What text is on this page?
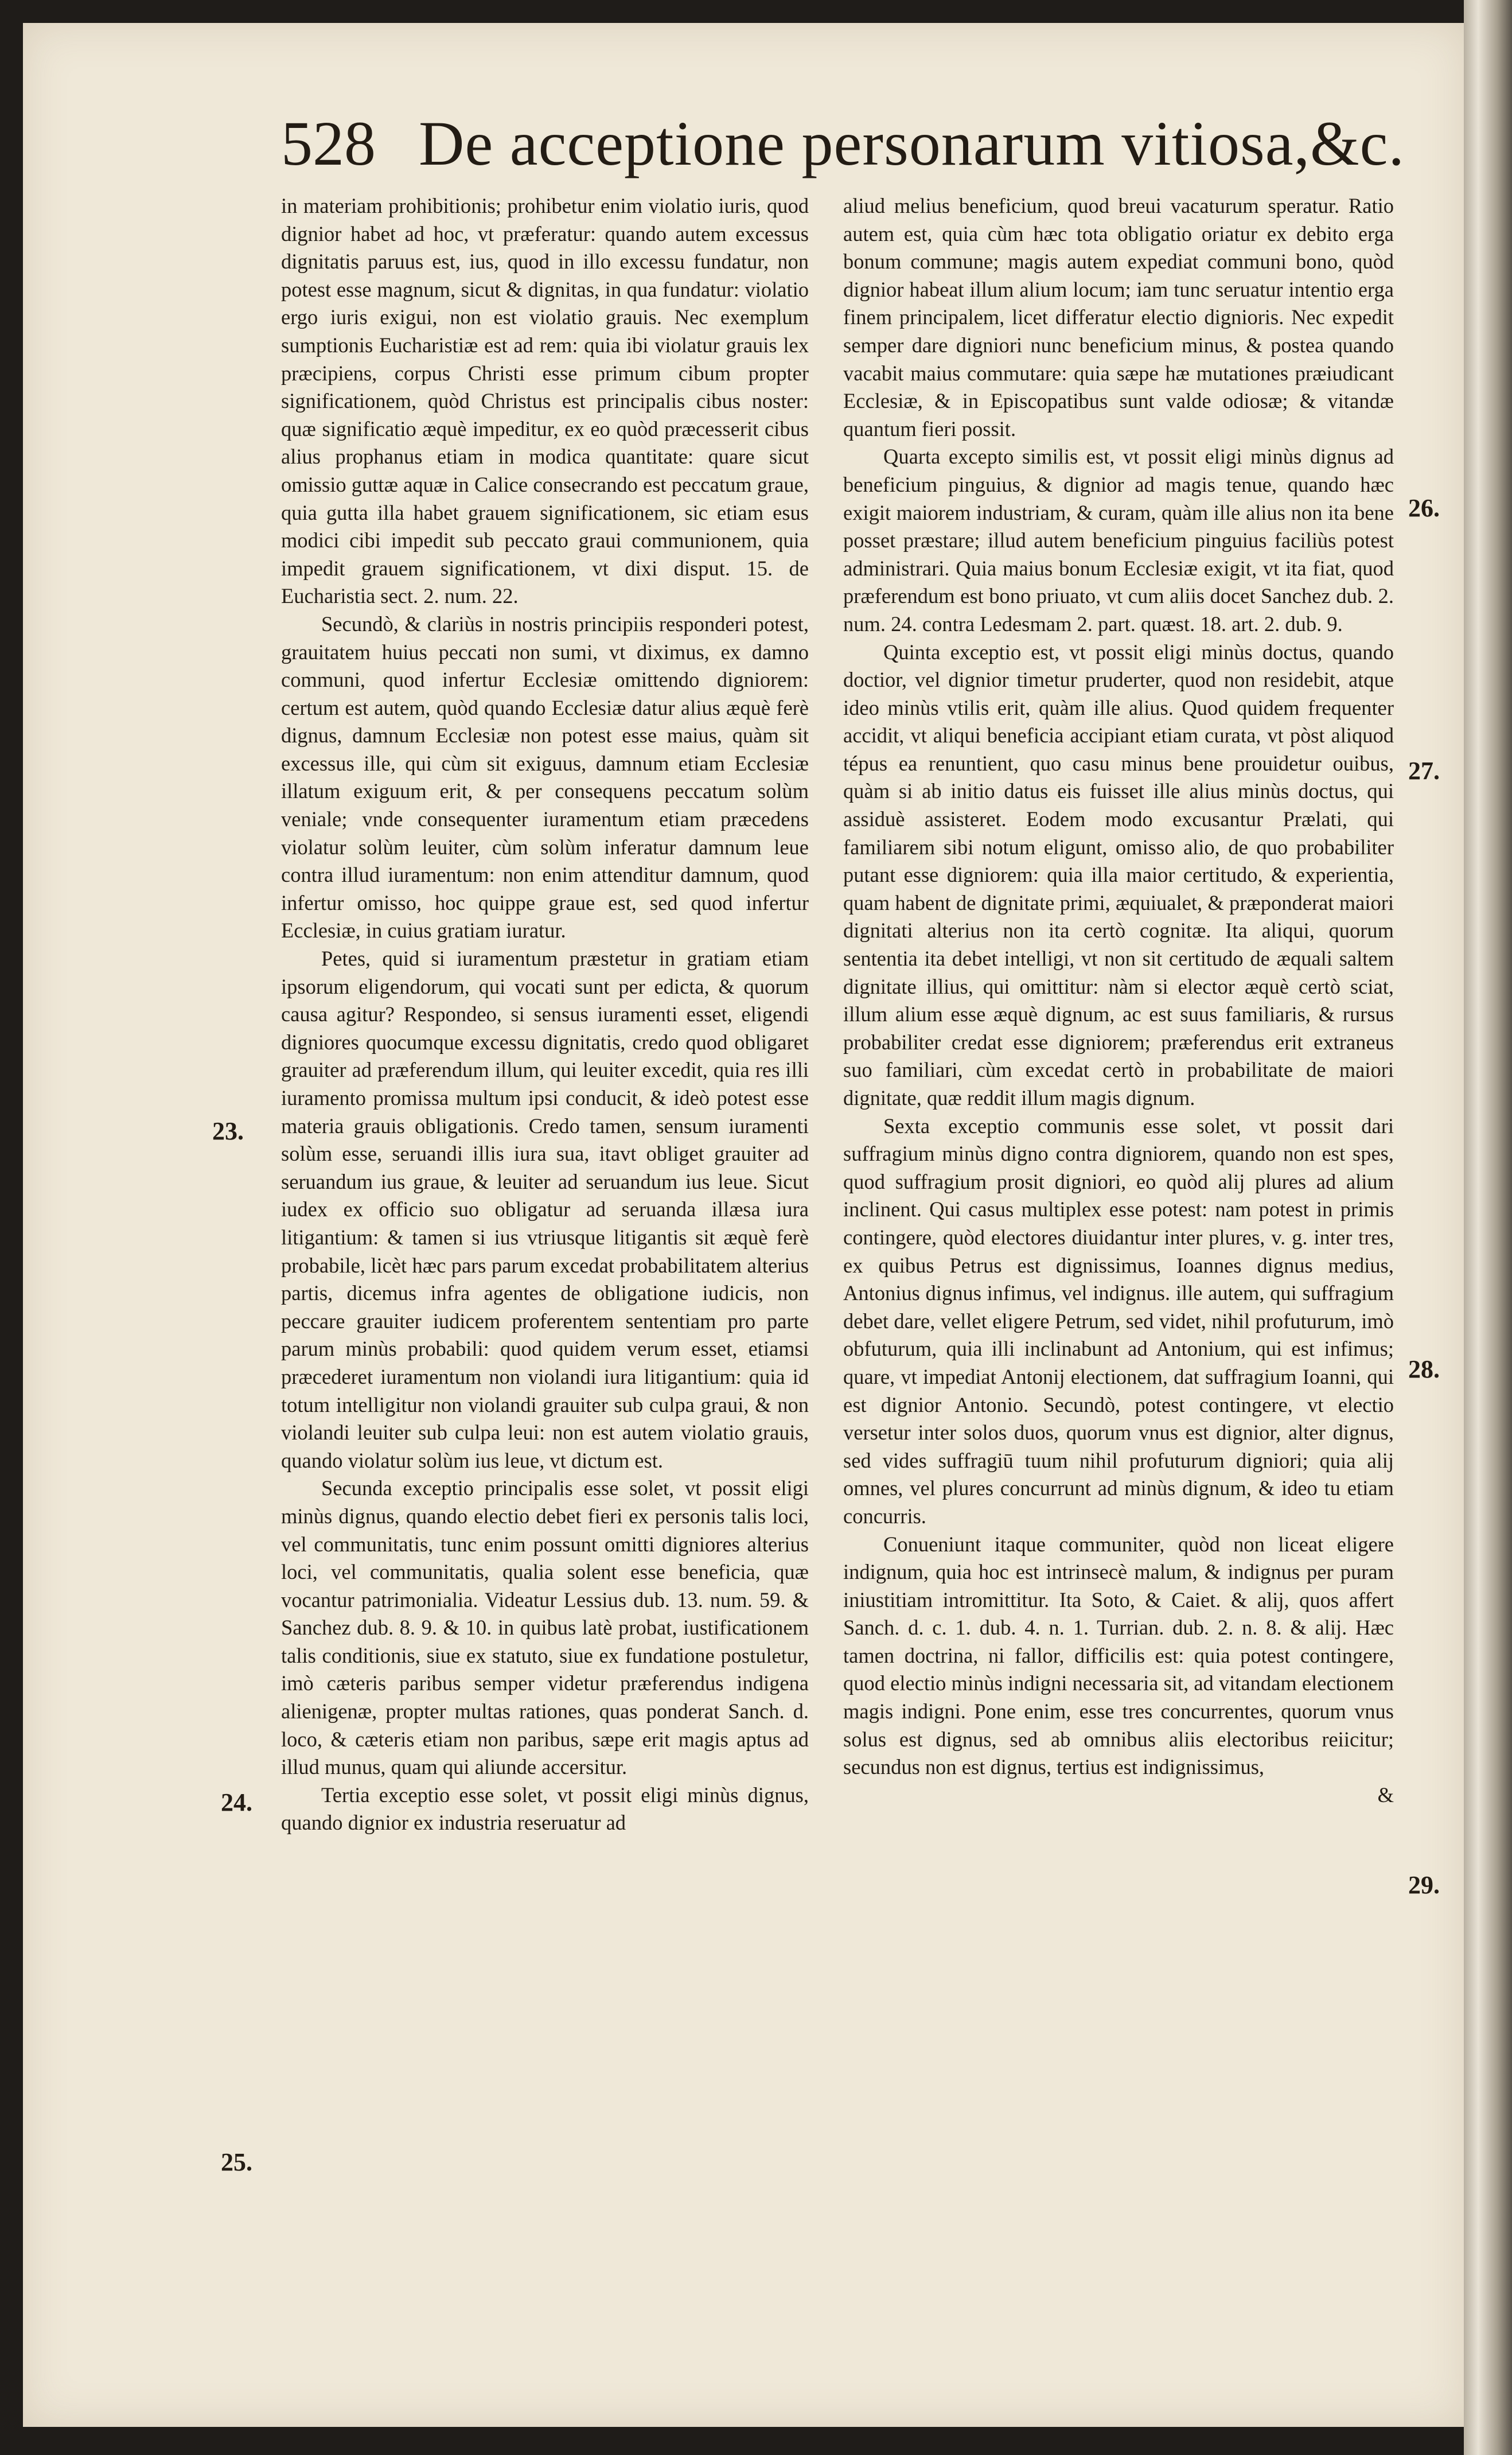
528 De acceptione personarum vitiosa,&c.

in materiam prohibitionis; prohibetur enim violatio iuris, quod dignior habet ad hoc, vt præferatur: quando autem excessus dignitatis paruus est, ius, quod in illo excessu fundatur, non potest esse magnum, sicut & dignitas, in qua fundatur: violatio ergo iuris exigui, non est violatio grauis. Nec exemplum sumptionis Eucharistiæ est ad rem: quia ibi violatur grauis lex præcipiens, corpus Christi esse primum cibum propter significationem, quòd Christus est principalis cibus noster: quæ significatio æquè impeditur, ex eo quòd præcesserit cibus alius prophanus etiam in modica quantitate: quare sicut omissio guttæ aquæ in Calice consecrando est peccatum graue, quia gutta illa habet grauem significationem, sic etiam esus modici cibi impedit sub peccato graui communionem, quia impedit grauem significationem, vt dixi disput. 15. de Eucharistia sect. 2. num. 22.

Secundò, & clariùs in nostris principiis responderi potest, grauitatem huius peccati non sumi, vt diximus, ex damno communi, quod infertur Ecclesiæ omittendo digniorem: certum est autem, quòd quando Ecclesiæ datur alius æquè ferè dignus, damnum Ecclesiæ non potest esse maius, quàm sit excessus ille, qui cùm sit exiguus, damnum etiam Ecclesiæ illatum exiguum erit, & per consequens peccatum solùm veniale; vnde consequenter iuramentum etiam præcedens violatur solùm leuiter, cùm solùm inferatur damnum leue contra illud iuramentum: non enim attenditur damnum, quod infertur omisso, hoc quippe graue est, sed quod infertur Ecclesiæ, in cuius gratiam iuratur.

Petes, quid si iuramentum præstetur in gratiam etiam ipsorum eligendorum, qui vocati sunt per edicta, & quorum causa agitur? Respondeo, si sensus iuramenti esset, eligendi digniores quocumque excessu dignitatis, credo quod obligaret grauiter ad præferendum illum, qui leuiter excedit, quia res illi iuramento promissa multum ipsi conducit, & ideò potest esse materia grauis obligationis. Credo tamen, sensum iuramenti solùm esse, seruandi illis iura sua, itavt obliget grauiter ad seruandum ius graue, & leuiter ad seruandum ius leue. Sicut iudex ex officio suo obligatur ad seruanda illæsa iura litigantium: & tamen si ius vtriusque litigantis sit æquè ferè probabile, licèt hæc pars parum excedat probabilitatem alterius partis, dicemus infra agentes de obligatione iudicis, non peccare grauiter iudicem proferentem sententiam pro parte parum minùs probabili: quod quidem verum esset, etiamsi præcederet iuramentum non violandi iura litigantium: quia id totum intelligitur non violandi grauiter sub culpa graui, & non violandi leuiter sub culpa leui: non est autem violatio grauis, quando violatur solùm ius leue, vt dictum est.

Secunda exceptio principalis esse solet, vt possit eligi minùs dignus, quando electio debet fieri ex personis talis loci, vel communitatis, tunc enim possunt omitti digniores alterius loci, vel communitatis, qualia solent esse beneficia, quæ vocantur patrimonialia. Videatur Lessius dub. 13. num. 59. & Sanchez dub. 8. 9. & 10. in quibus latè probat, iustificationem talis conditionis, siue ex statuto, siue ex fundatione postuletur, imò cæteris paribus semper videtur præferendus indigena alienigenæ, propter multas rationes, quas ponderat Sanch. d. loco, & cæteris etiam non paribus, sæpe erit magis aptus ad illud munus, quam qui aliunde accersitur.

Tertia exceptio esse solet, vt possit eligi minùs dignus, quando dignior ex industria reseruatur ad

aliud melius beneficium, quod breui vacaturum speratur. Ratio autem est, quia cùm hæc tota obligatio oriatur ex debito erga bonum commune; magis autem expediat communi bono, quòd dignior habeat illum alium locum; iam tunc seruatur intentio erga finem principalem, licet differatur electio dignioris. Nec expedit semper dare digniori nunc beneficium minus, & postea quando vacabit maius commutare: quia sæpe hæ mutationes præiudicant Ecclesiæ, & in Episcopatibus sunt valde odiosæ; & vitandæ quantum fieri possit.

Quarta excepto similis est, vt possit eligi minùs dignus ad beneficium pinguius, & dignior ad magis tenue, quando hæc exigit maiorem industriam, & curam, quàm ille alius non ita bene posset præstare; illud autem beneficium pinguius faciliùs potest administrari. Quia maius bonum Ecclesiæ exigit, vt ita fiat, quod præferendum est bono priuato, vt cum aliis docet Sanchez dub. 2. num. 24. contra Ledesmam 2. part. quæst. 18. art. 2. dub. 9.

Quinta exceptio est, vt possit eligi minùs doctus, quando doctior, vel dignior timetur pruderter, quod non residebit, atque ideo minùs vtilis erit, quàm ille alius. Quod quidem frequenter accidit, vt aliqui beneficia accipiant etiam curata, vt pòst aliquod tépus ea renuntient, quo casu minus bene prouidetur ouibus, quàm si ab initio datus eis fuisset ille alius minùs doctus, qui assiduè assisteret. Eodem modo excusantur Prælati, qui familiarem sibi notum eligunt, omisso alio, de quo probabiliter putant esse digniorem: quia illa maior certitudo, & experientia, quam habent de dignitate primi, æquiualet, & præponderat maiori dignitati alterius non ita certò cognitæ. Ita aliqui, quorum sententia ita debet intelligi, vt non sit certitudo de æquali saltem dignitate illius, qui omittitur: nàm si elector æquè certò sciat, illum alium esse æquè dignum, ac est suus familiaris, & rursus probabiliter credat esse digniorem; præferendus erit extraneus suo familiari, cùm excedat certò in probabilitate de maiori dignitate, quæ reddit illum magis dignum.

Sexta exceptio communis esse solet, vt possit dari suffragium minùs digno contra digniorem, quando non est spes, quod suffragium prosit digniori, eo quòd alij plures ad alium inclinent. Qui casus multiplex esse potest: nam potest in primis contingere, quòd electores diuidantur inter plures, v. g. inter tres, ex quibus Petrus est dignissimus, Ioannes dignus medius, Antonius dignus infimus, vel indignus. ille autem, qui suffragium debet dare, vellet eligere Petrum, sed videt, nihil profuturum, imò obfuturum, quia illi inclinabunt ad Antonium, qui est infimus; quare, vt impediat Antonij electionem, dat suffragium Ioanni, qui est dignior Antonio. Secundò, potest contingere, vt electio versetur inter solos duos, quorum vnus est dignior, alter dignus, sed vides suffragiū tuum nihil profuturum digniori; quia alij omnes, vel plures concurrunt ad minùs dignum, & ideo tu etiam concurris.

Conueniunt itaque communiter, quòd non liceat eligere indignum, quia hoc est intrinsecè malum, & indignus per puram iniustitiam intromittitur. Ita Soto, & Caiet. & alij, quos affert Sanch. d. c. 1. dub. 4. n. 1. Turrian. dub. 2. n. 8. & alij. Hæc tamen doctrina, ni fallor, difficilis est: quia potest contingere, quod electio minùs indigni necessaria sit, ad vitandam electionem magis indigni. Pone enim, esse tres concurrentes, quorum vnus solus est dignus, sed ab omnibus aliis electoribus reiicitur; secundus non est dignus, tertius est indignissimus,

&

23.
24.
25.
26.
27.
28.
29.
